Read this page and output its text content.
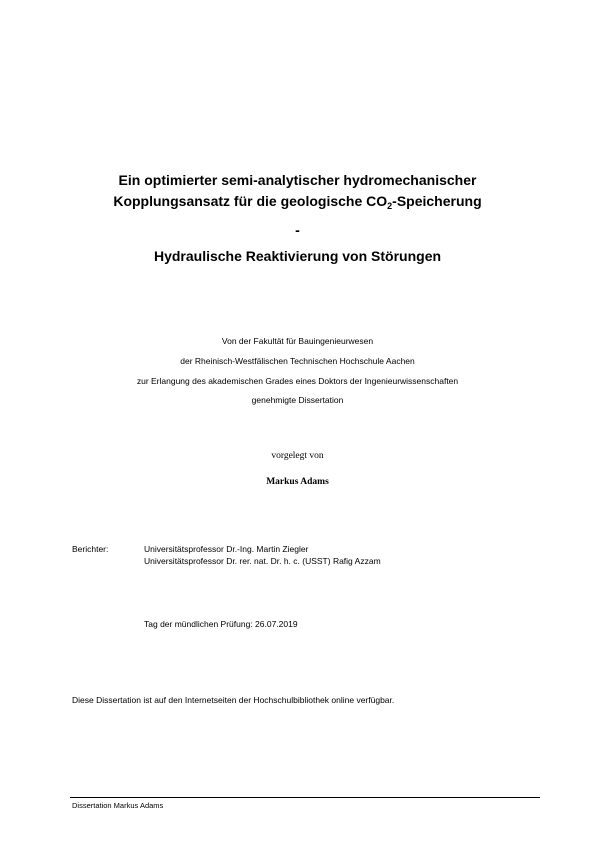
Ein optimierter semi-analytischer hydromechanischer
Kopplungsansatz für die geologische $CO_2$-Speicherung
-
Hydraulische Reaktivierung von Störungen
Von der Fakultät für Bauingenieurwesen
der Rheinisch-Westfälischen Technischen Hochschule Aachen
zur Erlangung des akademischen Grades eines Doktors der Ingenieurwissenschaften
genehmigte Dissertation
vorgelegt von
Markus Adams
Berichter:	Universitätsprofessor Dr.-Ing. Martin Ziegler
Universitätsprofessor Dr. rer. nat. Dr. h. c. (USST) Rafig Azzam
Tag der mündlichen Prüfung: 26.07.2019
Diese Dissertation ist auf den Internetseiten der Hochschulbibliothek online verfügbar.
Dissertation Markus Adams
